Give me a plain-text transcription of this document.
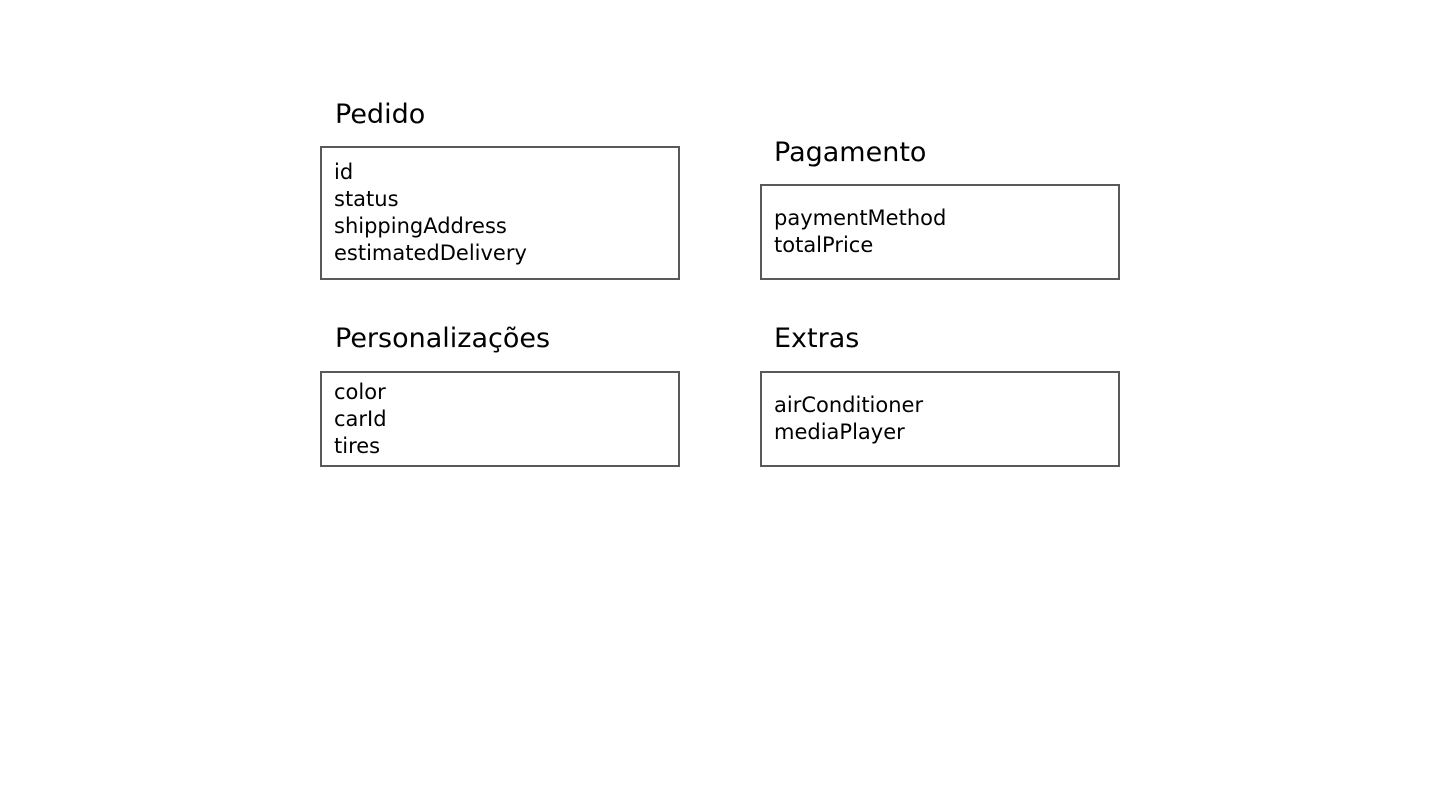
Pedido
id
status
shippingAddress
estimatedDelivery
Pagamento
paymentMethod
totalPrice
Personalizações
color
carId
tires
Extras
airConditioner
mediaPlayer
